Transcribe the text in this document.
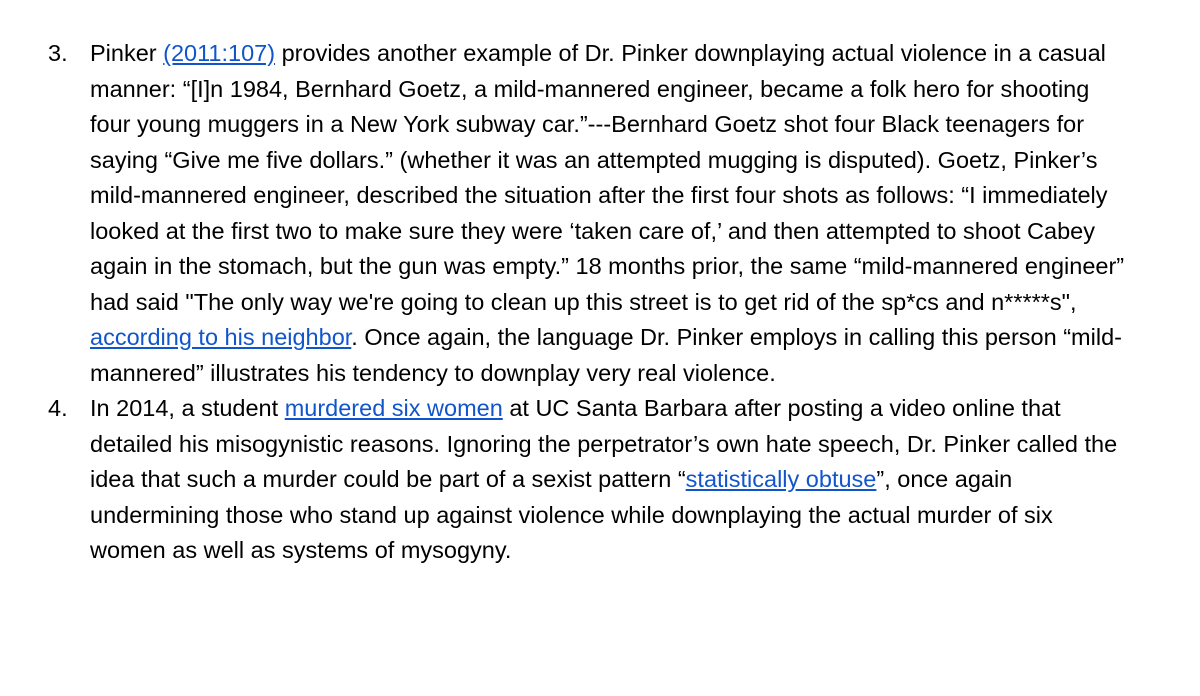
3. Pinker (2011:107) provides another example of Dr. Pinker downplaying actual violence in a casual manner: “[I]n 1984, Bernhard Goetz, a mild-mannered engineer, became a folk hero for shooting four young muggers in a New York subway car.”---Bernhard Goetz shot four Black teenagers for saying “Give me five dollars.” (whether it was an attempted mugging is disputed). Goetz, Pinker’s mild-mannered engineer, described the situation after the first four shots as follows: “I immediately looked at the first two to make sure they were ‘taken care of,’ and then attempted to shoot Cabey again in the stomach, but the gun was empty.” 18 months prior, the same “mild-mannered engineer” had said "The only way we're going to clean up this street is to get rid of the sp*cs and n*****s", according to his neighbor. Once again, the language Dr. Pinker employs in calling this person “mild-mannered” illustrates his tendency to downplay very real violence.
4. In 2014, a student murdered six women at UC Santa Barbara after posting a video online that detailed his misogynistic reasons. Ignoring the perpetrator’s own hate speech, Dr. Pinker called the idea that such a murder could be part of a sexist pattern “statistically obtuse”, once again undermining those who stand up against violence while downplaying the actual murder of six women as well as systems of mysogyny.
